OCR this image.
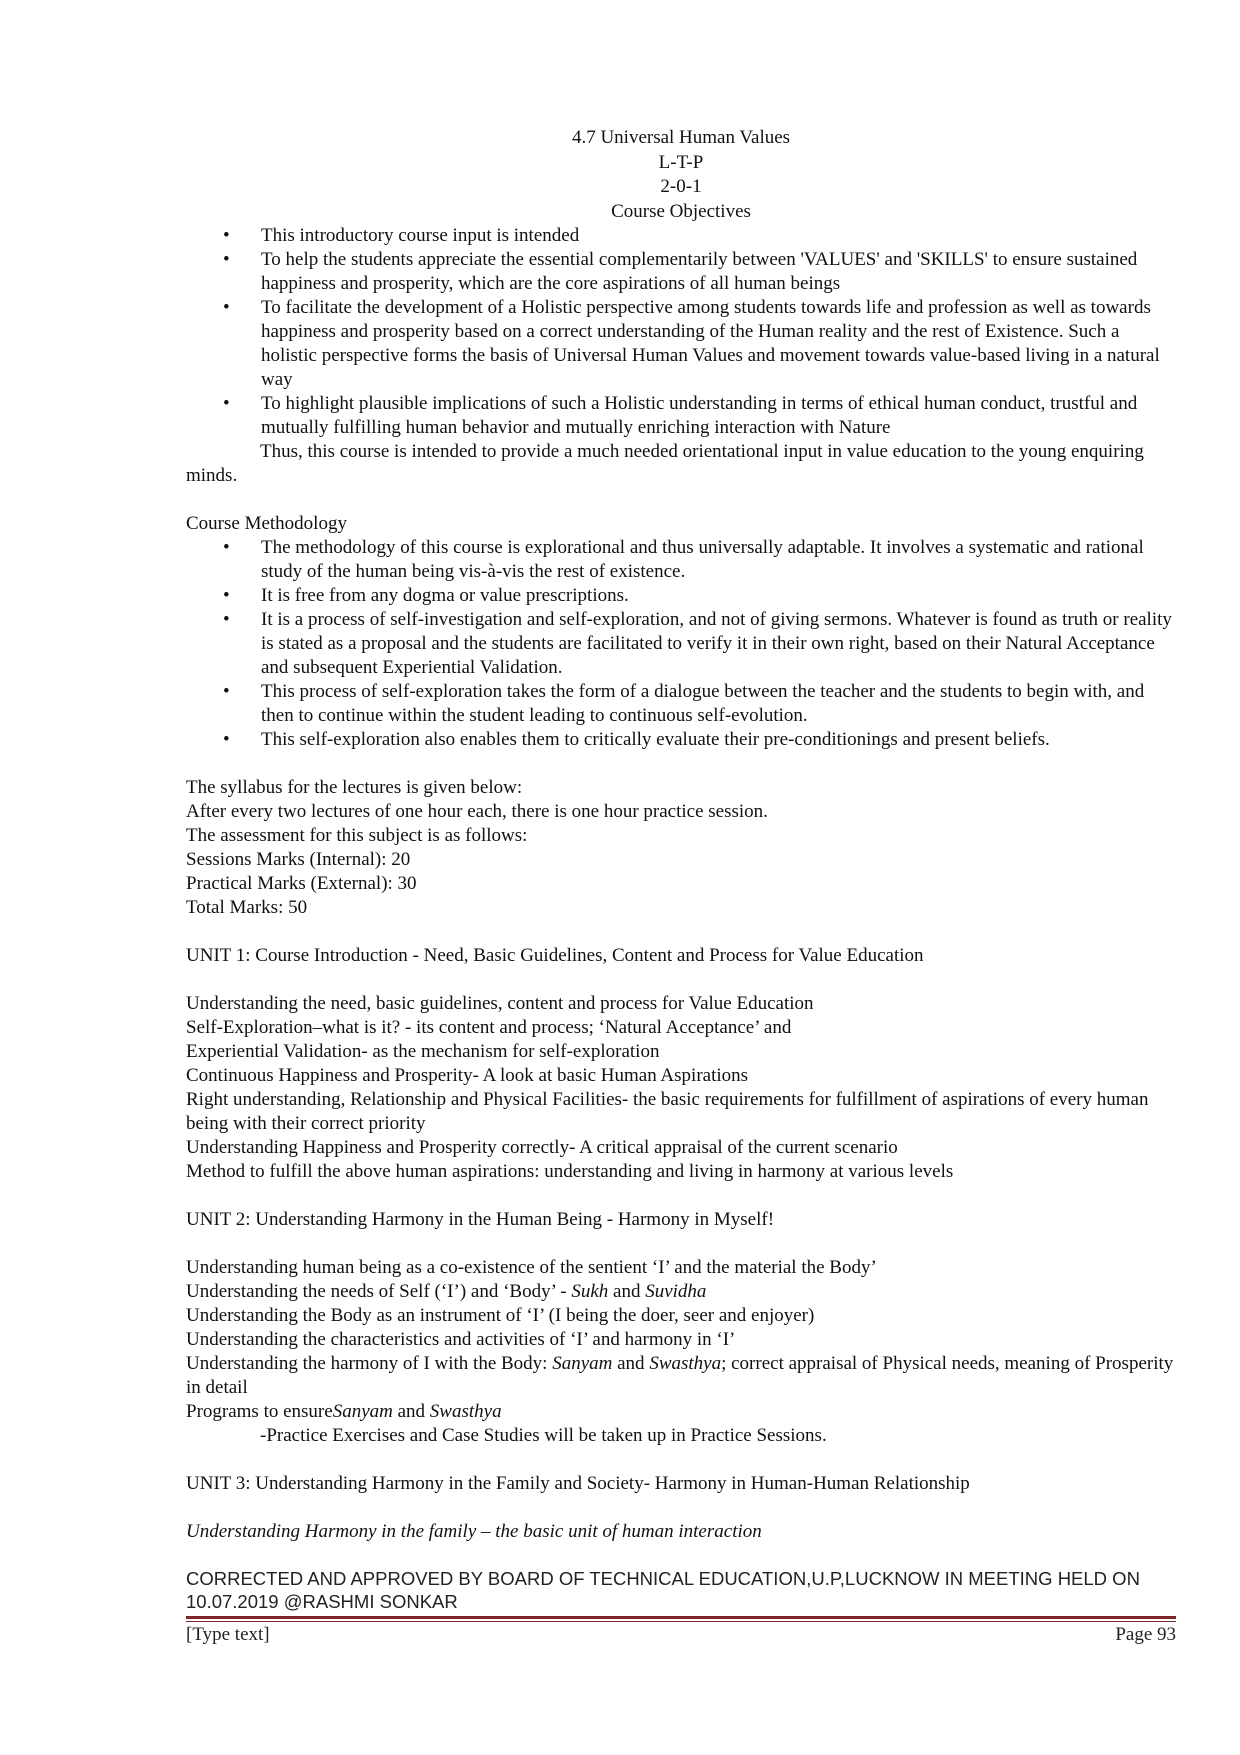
4.7 Universal Human Values
L-T-P
2-0-1
Course Objectives
• This introductory course input is intended
• To help the students appreciate the essential complementarily between 'VALUES' and 'SKILLS' to ensure sustained happiness and prosperity, which are the core aspirations of all human beings
• To facilitate the development of a Holistic perspective among students towards life and profession as well as towards happiness and prosperity based on a correct understanding of the Human reality and the rest of Existence. Such a holistic perspective forms the basis of Universal Human Values and movement towards value-based living in a natural way
• To highlight plausible implications of such a Holistic understanding in terms of ethical human conduct, trustful and mutually fulfilling human behavior and mutually enriching interaction with Nature
Thus, this course is intended to provide a much needed orientational input in value education to the young enquiring minds.
Course Methodology
• The methodology of this course is explorational and thus universally adaptable. It involves a systematic and rational study of the human being vis-à-vis the rest of existence.
• It is free from any dogma or value prescriptions.
• It is a process of self-investigation and self-exploration, and not of giving sermons. Whatever is found as truth or reality is stated as a proposal and the students are facilitated to verify it in their own right, based on their Natural Acceptance and subsequent Experiential Validation.
• This process of self-exploration takes the form of a dialogue between the teacher and the students to begin with, and then to continue within the student leading to continuous self-evolution.
• This self-exploration also enables them to critically evaluate their pre-conditionings and present beliefs.
The syllabus for the lectures is given below:
After every two lectures of one hour each, there is one hour practice session.
The assessment for this subject is as follows:
Sessions Marks (Internal): 20
Practical Marks (External): 30
Total Marks: 50
UNIT 1: Course Introduction - Need, Basic Guidelines, Content and Process for Value Education
Understanding the need, basic guidelines, content and process for Value Education
Self-Exploration–what is it? - its content and process; ‘Natural Acceptance’ and
Experiential Validation- as the mechanism for self-exploration
Continuous Happiness and Prosperity- A look at basic Human Aspirations
Right understanding, Relationship and Physical Facilities- the basic requirements for fulfillment of aspirations of every human being with their correct priority
Understanding Happiness and Prosperity correctly- A critical appraisal of the current scenario
Method to fulfill the above human aspirations: understanding and living in harmony at various levels
UNIT 2: Understanding Harmony in the Human Being - Harmony in Myself!
Understanding human being as a co-existence of the sentient ‘I’ and the material the Body’
Understanding the needs of Self (‘I’) and ‘Body’ - Sukh and Suvidha
Understanding the Body as an instrument of ‘I’ (I being the doer, seer and enjoyer)
Understanding the characteristics and activities of ‘I’ and harmony in ‘I’
Understanding the harmony of I with the Body: Sanyam and Swasthya; correct appraisal of Physical needs, meaning of Prosperity in detail
Programs to ensureSanyam and Swasthya
-Practice Exercises and Case Studies will be taken up in Practice Sessions.
UNIT 3: Understanding Harmony in the Family and Society- Harmony in Human-Human Relationship
Understanding Harmony in the family – the basic unit of human interaction
CORRECTED AND APPROVED BY BOARD OF TECHNICAL EDUCATION,U.P,LUCKNOW IN MEETING HELD ON 10.07.2019 @RASHMI SONKAR
[Type text]	Page 93
